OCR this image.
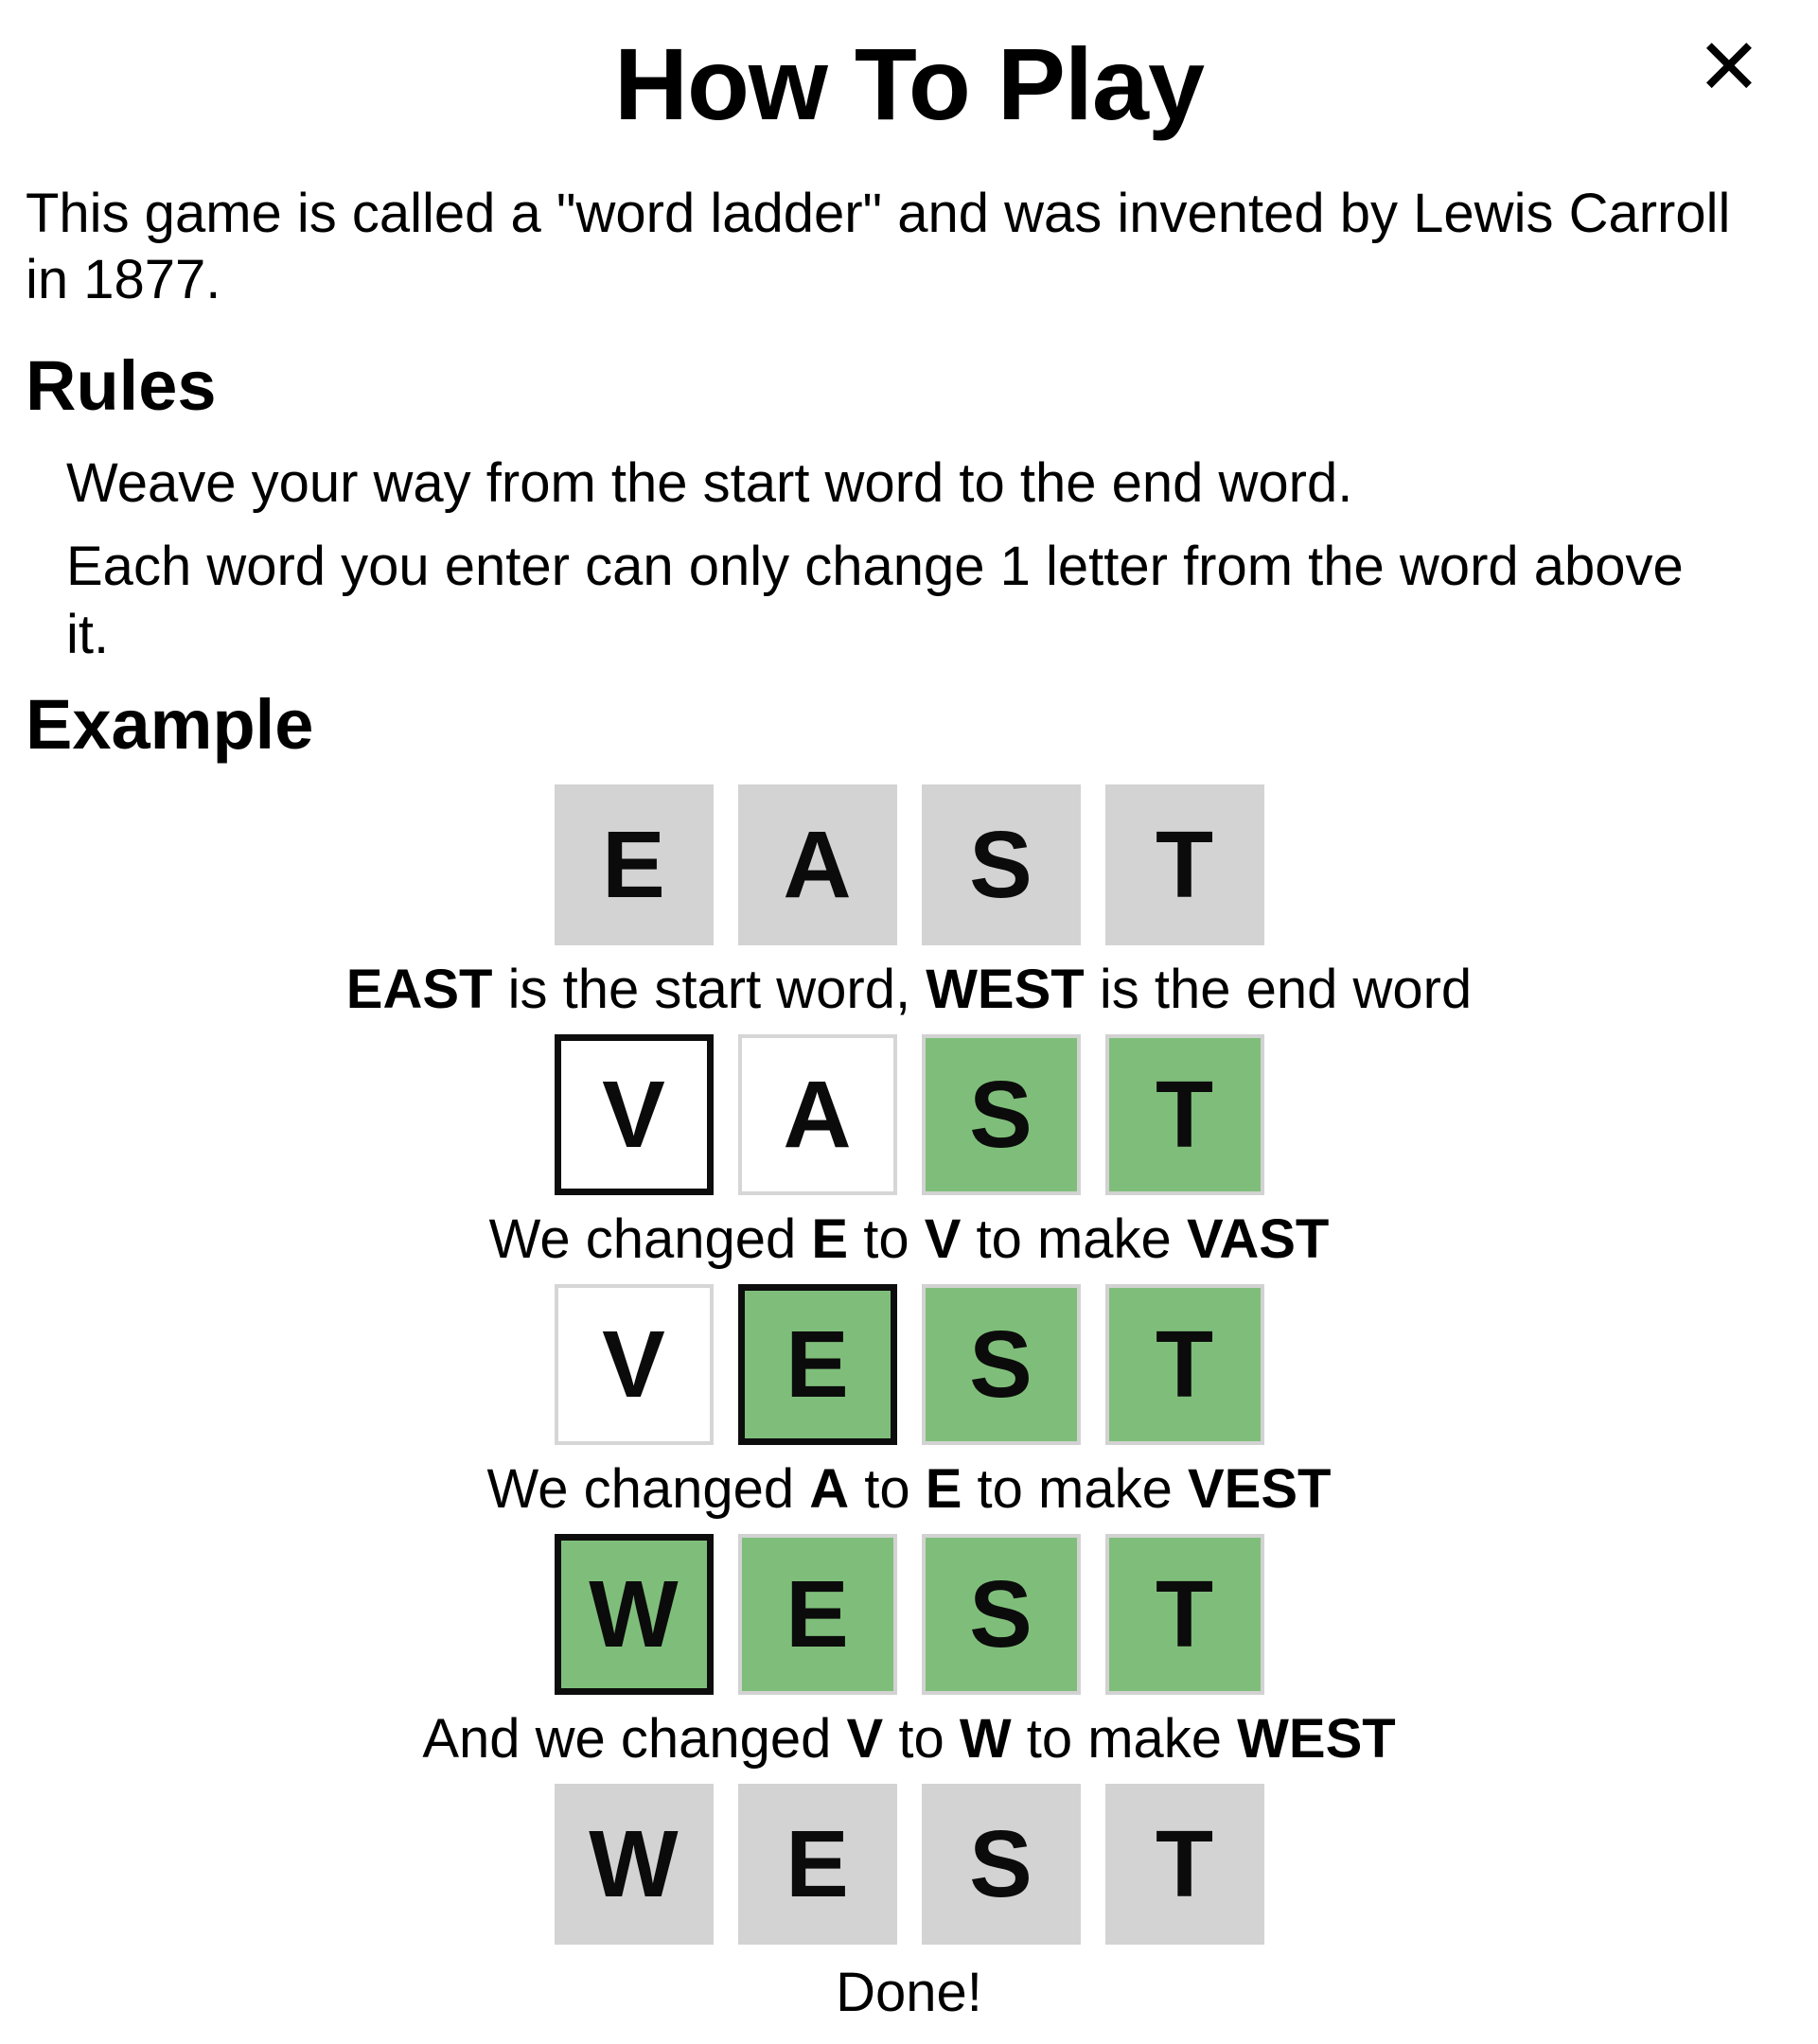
✕
How To Play

This game is called a "word ladder" and was invented by Lewis Carroll in 1877.

Rules

Weave your way from the start word to the end word.

Each word you enter can only change 1 letter from the word above it.

Example
E	A	S	T

EAST is the start word, WEST is the end word

V	A	S	T

We changed E to V to make VAST

V	E	S	T

We changed A to E to make VEST

W	E	S	T

And we changed V to W to make WEST

W	E	S	T

Done!
